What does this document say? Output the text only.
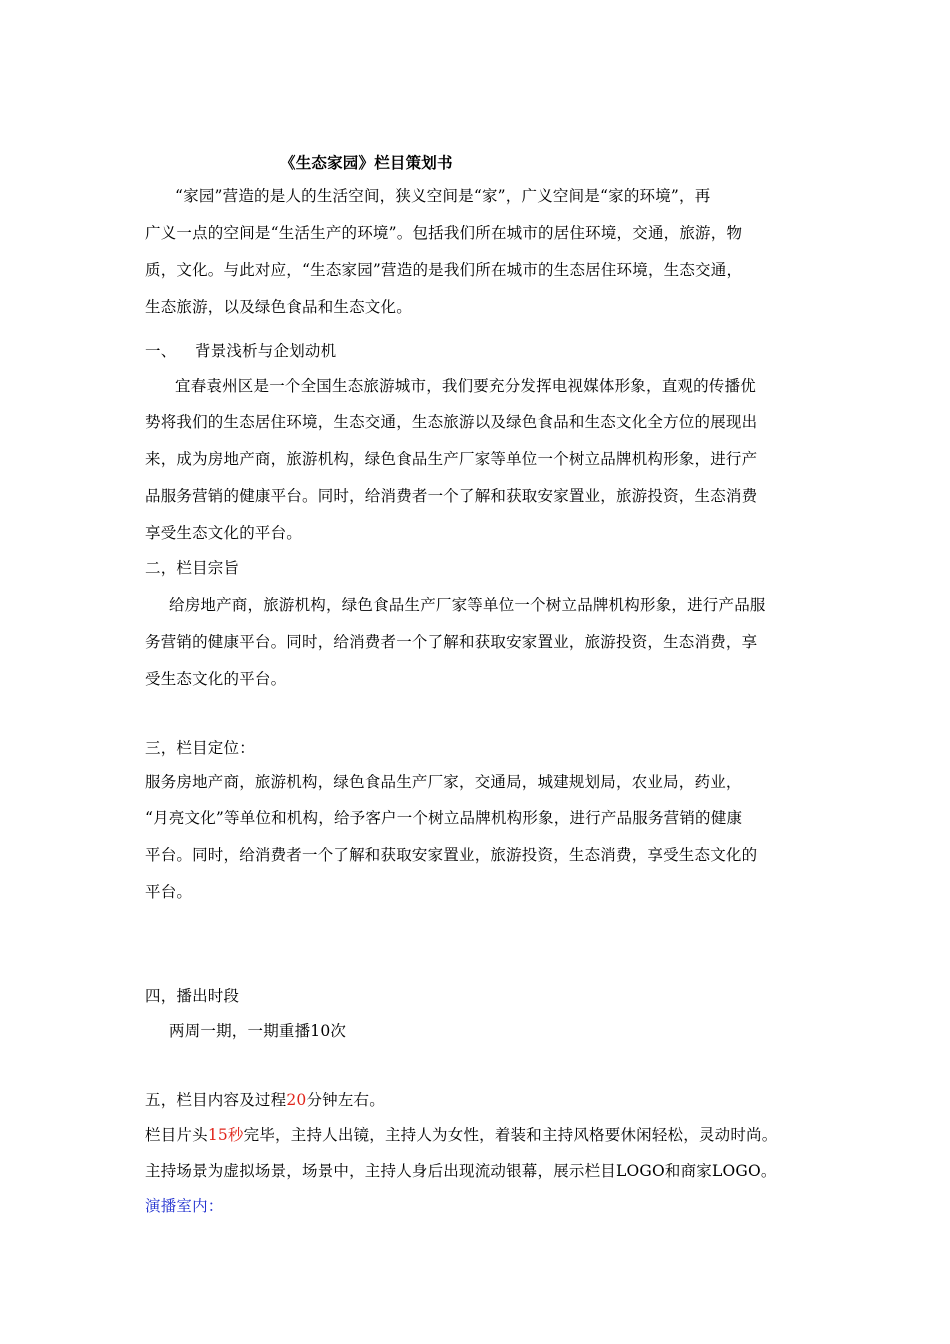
《生态家园》栏目策划书
“家园”营造的是人的生活空间，狭义空间是“家”，广义空间是“家的环境”，再
广义一点的空间是“生活生产的环境”。包括我们所在城市的居住环境，交通，旅游，物
质，文化。与此对应，“生态家园”营造的是我们所在城市的生态居住环境，生态交通，
生态旅游，以及绿色食品和生态文化。
一、 背景浅析与企划动机
宜春袁州区是一个全国生态旅游城市，我们要充分发挥电视媒体形象，直观的传播优
势将我们的生态居住环境，生态交通，生态旅游以及绿色食品和生态文化全方位的展现出
来，成为房地产商，旅游机构，绿色食品生产厂家等单位一个树立品牌机构形象，进行产
品服务营销的健康平台。同时，给消费者一个了解和获取安家置业，旅游投资，生态消费
享受生态文化的平台。
二，栏目宗旨
给房地产商，旅游机构，绿色食品生产厂家等单位一个树立品牌机构形象，进行产品服
务营销的健康平台。同时，给消费者一个了解和获取安家置业，旅游投资，生态消费，享
受生态文化的平台。
三，栏目定位：
服务房地产商，旅游机构，绿色食品生产厂家，交通局，城建规划局，农业局，药业，
“月亮文化”等单位和机构，给予客户一个树立品牌机构形象，进行产品服务营销的健康
平台。同时，给消费者一个了解和获取安家置业，旅游投资，生态消费，享受生态文化的
平台。
四，播出时段
两周一期，一期重播10次
五，栏目内容及过程20分钟左右。
栏目片头15秒完毕，主持人出镜，主持人为女性，着装和主持风格要休闲轻松，灵动时尚。
主持场景为虚拟场景，场景中，主持人身后出现流动银幕，展示栏目LOGO和商家LOGO。
演播室内：
